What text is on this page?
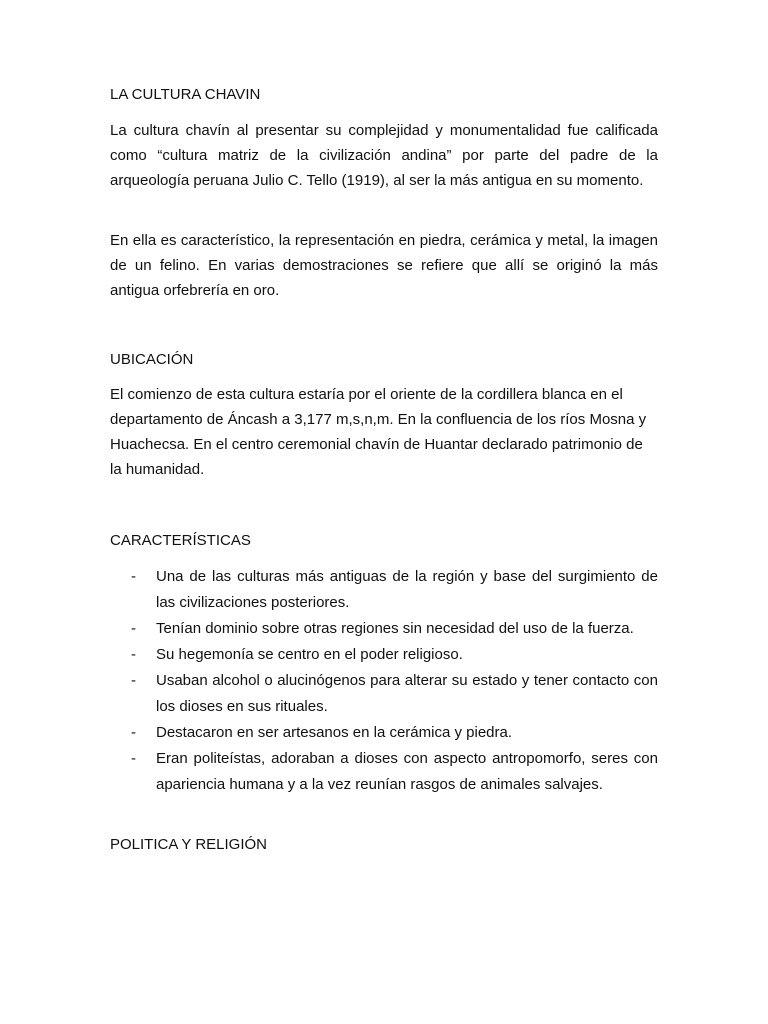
LA CULTURA CHAVIN

La cultura chavín al presentar su complejidad y monumentalidad fue calificada como “cultura matriz de la civilización andina” por parte del padre de la arqueología peruana Julio C. Tello (1919), al ser la más antigua en su momento.

En ella es característico, la representación en piedra, cerámica y metal, la imagen de un felino. En varias demostraciones se refiere que allí se originó la más antigua orfebrería en oro.

UBICACIÓN

El comienzo de esta cultura estaría por el oriente de la cordillera blanca en el departamento de Áncash a 3,177 m,s,n,m. En la confluencia de los ríos Mosna y Huachecsa. En el centro ceremonial chavín de Huantar declarado patrimonio de la humanidad.

CARACTERÍSTICAS
- Una de las culturas más antiguas de la región y base del surgimiento de las civilizaciones posteriores.
- Tenían dominio sobre otras regiones sin necesidad del uso de la fuerza.
- Su hegemonía se centro en el poder religioso.
- Usaban alcohol o alucinógenos para alterar su estado y tener contacto con los dioses en sus rituales.
- Destacaron en ser artesanos en la cerámica y piedra.
- Eran politeístas, adoraban a dioses con aspecto antropomorfo, seres con apariencia humana y a la vez reunían rasgos de animales salvajes.
POLITICA Y RELIGIÓN
